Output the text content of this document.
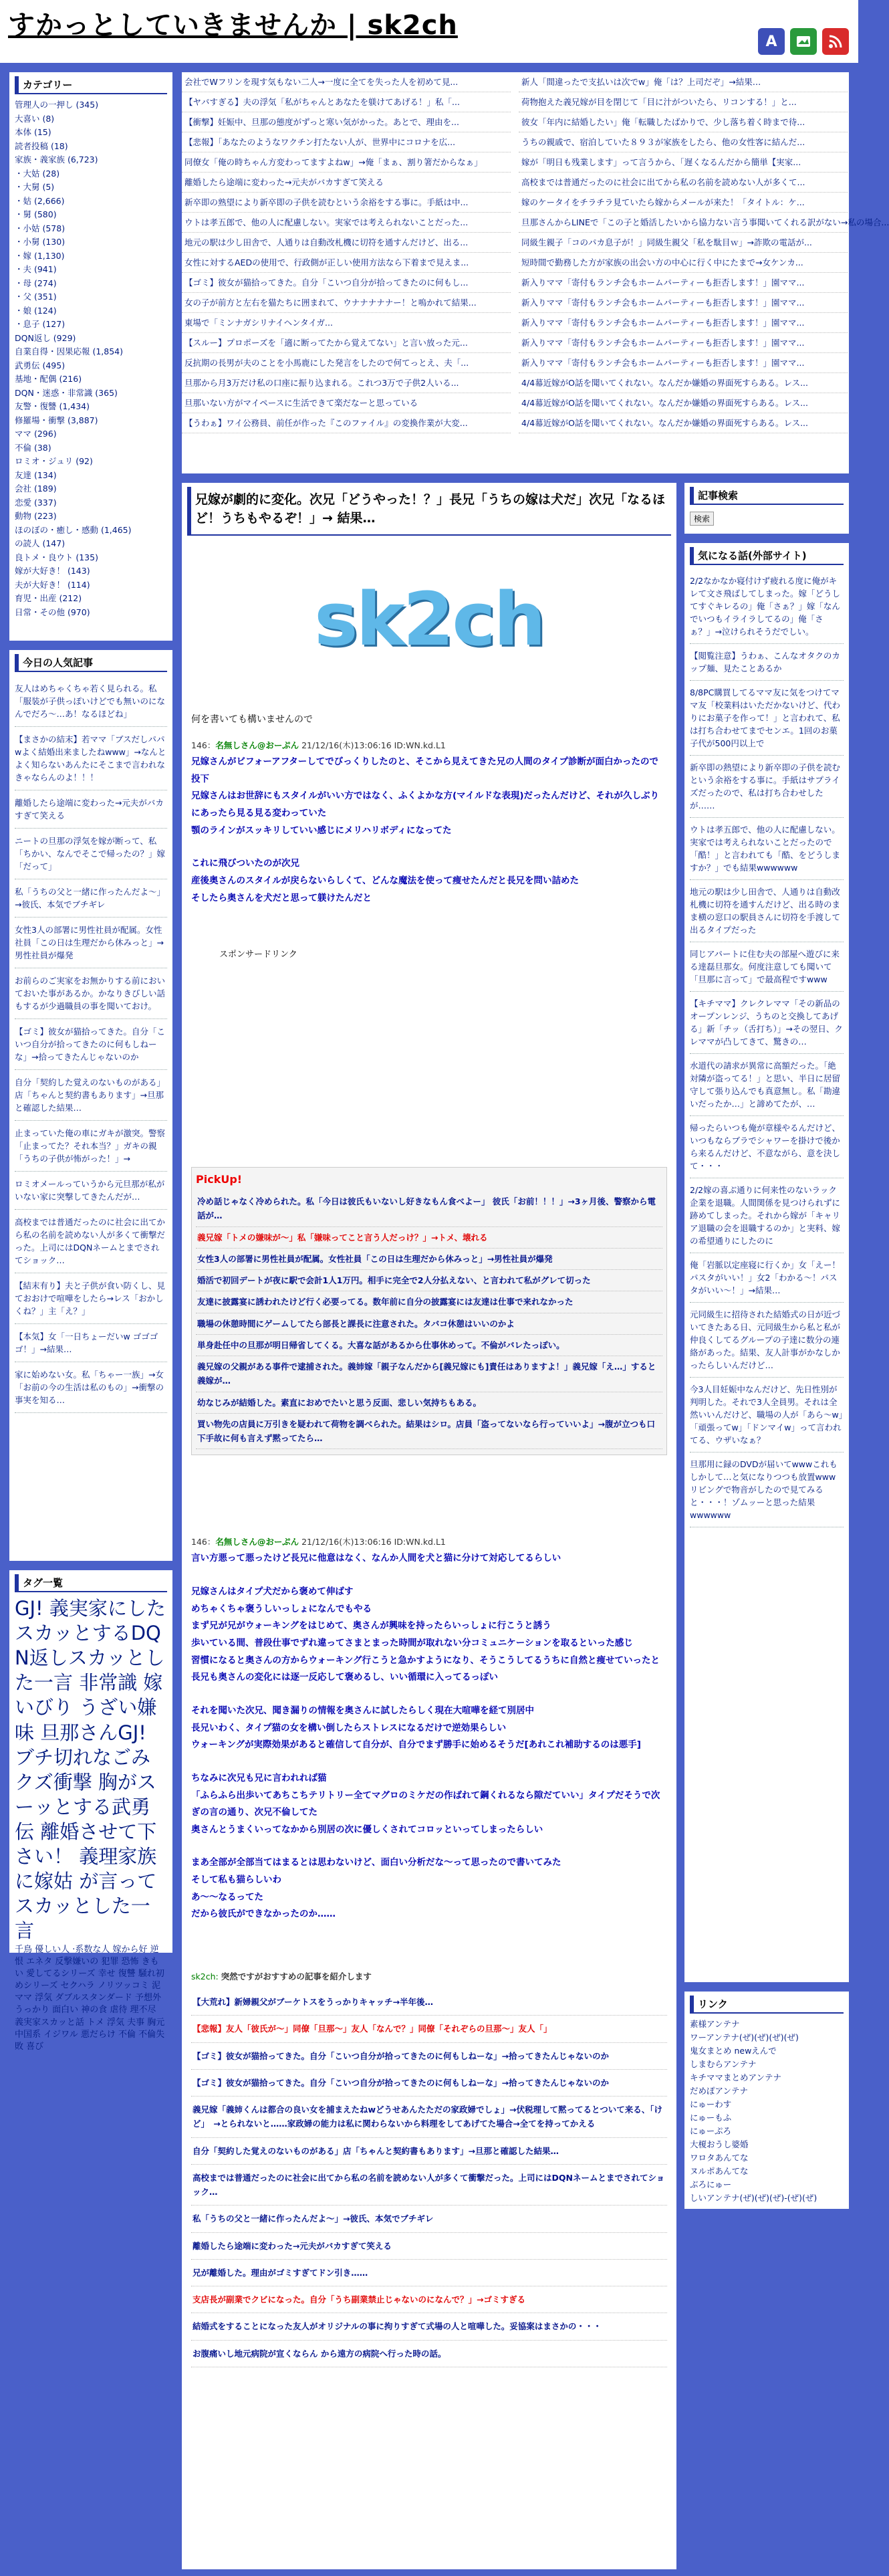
すかっとしていきませんか | sk2ch
A
カテゴリー
管理人の一押し (345)
大喜い (8)
本体 (15)
読者投稿 (18)
家族・義家族 (6,723)
・大姑 (28)
・大舅 (5)
・姑 (2,666)
・舅 (580)
・小姑 (578)
・小舅 (130)
・嫁 (1,130)
・夫 (941)
・母 (274)
・父 (351)
・娘 (124)
・息子 (127)
DQN返し (929)
自業自得・因果応報 (1,854)
武勇伝 (495)
基地・配偶 (216)
DQN・迷惑・非常識 (365)
友警・復讐 (1,434)
修羅場・衝撃 (3,887)
ママ (296)
不倫 (38)
ロミオ・ジュリ (92)
友達 (134)
会社 (189)
恋愛 (337)
動物 (223)
ほのぼの・癒し・感動 (1,465)
の読人 (147)
良トメ・良ウト (135)
嫁が大好き！ (143)
夫が大好き！ (114)
育児・出産 (212)
日常・その他 (970)
今日の人気記事
友人はめちゃくちゃ若く見られる。私「服装が子供っぽいけどでも無いのになんでだろ〜…あ！なるほどね」
【まさかの結末】若ママ「ブスだしパパwよく結婚出来ましたねwww」→なんとよく知らないあんたにそこまで言われなきゃならんのよ！！！
離婚したら途端に変わった→元夫がバカすぎて笑える
ニートの旦那の浮気を嫁が断って、私「ちかい、なんでそこで帰ったの？」嫁「だって」
私「うちの父と一緒に作ったんだよ〜」→彼氏、本気でブチギレ
女性3人の部署に男性社員が配属。女性社員「この日は生理だから休みっと」→男性社員が爆発
お前らのご実家をお無かりする前においておいた事があるか。かなりきびしい話もするが少過職員の事を聞いておけ。
【ゴミ】彼女が猫拾ってきた。自分「こいつ自分が拾ってきたのに何もしねーな」→拾ってきたんじゃないのか
自分「契約した覚えのないものがある」店「ちゃんと契約書もあります」→旦那と確認した結果…
止まっていた俺の車にガキが激突。警察「止まってた？それ本当？」ガキの親「うちの子供が怖がった！」→
ロミオメールっていうから元旦那が私がいない家に突撃してきたんだが…
高校までは普通だったのに社会に出てから私の名前を読めない人が多くて衝撃だった。上司にはDQNネームとまでされてショック…
【結末有り】夫と子供が食い防くし、見ておおけで喧嘩をしたら→レス「おかしくね？」主「え？」
【本気】女「一日ちょーだいw ゴゴゴゴ！」→結果…
家に始めない女。私「ちゃー一族」→女「お前の今の生活は私のもの」→衝撃の事実を知る…
タグ一覧
GJ! 義実家にしたスカッとするDQN返しスカッとした一言 非常識 嫁いびり うざい嫌味 旦那さんGJ! ブチ切れなごみクズ衝撃 胸がスーッとする武勇伝 離婚させて下さい！ 義理家族に嫁姑 が言ってスカッとした一言
千鳥 優しい人 ·系数な人 嫁から好 逆恨 エネタ 反撃嫌いの 犯罪 恐怖 きもい 愛してるシリーズ 幸せ 復讐 騒れ初めシリーズ セクハラ ノリツッコミ 泥ママ 浮気 ダブルスタンダード 予想外 うっかり 面白い 神の食 虐待 理不尽 義実家スカッと話 トメ 浮気 夫事 胸元 中国系 イジワル 悪だらけ 不倫 不倫失敗 喜び
会社でWフリンを現す気もない二人→一度に全てを失った人を初めて見...
【ヤバすぎる】夫の浮気「私がちゃんとあなたを躾けてあげる！」私「...
【衝撃】妊娠中、旦那の態度がずっと寒い気がかった。あとで、理由を...
【悲報】「あなたのようなワクチン打たない人が、世界中にコロナを広...
同僚女「俺の時ちゃん方変わってますよねw」→俺「まぁ、割り箸だからなぁ」
離婚したら途端に変わった→元夫がバカすぎて笑える
新卒即の熟望により新卒即の子供を読むという余裕をする事に。手紙は中...
ウトは孝五郎で、他の人に配慮しない。実家では考えられないことだった...
地元の駅は少し田舎で、人通りは自動改札機に切符を通すんだけど、出る...
女性に対するAEDの使用で、行政側が正しい使用方法なら下着まで見えま...
【ゴミ】彼女が猫拾ってきた。自分「こいつ自分が拾ってきたのに何もし...
女の子が前方と左右を猫たちに囲まれて、ウナナナナナー！と嗚かれて結果...
東場で「ミンナガシリナイヘンタイガ...
【スルー】プロポーズを「適に断ってたから覚えてない」と言い放った元...
反抗期の長男が夫のことを小馬鹿にした発言をしたので何てっとえ、夫「...
旦那から月3万だけ私の口座に振り込まれる。これつ3万で子供2人いる...
旦那いない方がマイペースに生活できて楽だなーと思っている
【うわぁ】ワイ公務員、前任が作った『このファイル』の変換作業が大変...
新人「間違ったで支払いは次でw」俺「は？上司だぞ」→結果…
荷物抱えた義兄嫁が目を閉じて「目に汁がついたら、リコンする！」と...
彼女「年内に結婚したい」俺「転職したばかりで、少し落ち着く時まで待...
うちの親戚で、宿泊していた８９３が家族をしたら、他の女性客に結んだ...
嫁が「明日も残業します」って言うから、「遅くなるんだから簡単【実家...
高校までは普通だったのに社会に出てから私の名前を読めない人が多くて...
嫁のケータイをチラチラ見ていたら嫁からメールが来た！「タイトル：ケ...
旦那さんからLINEで「この子と婚活したいから協力ない言う事聞いてくれる訳がない→私の場合...
同級生親子「コのパカ息子が！」同級生親父「私を駄目ｗ」→詐欺の電話が...
短時間で勤務した方が家族の出会い方の中心に行く中にたまで→女ケンカ...
新入りママ「寄付もランチ会もホームパーティーも拒否します！」園ママ...
新入りママ「寄付もランチ会もホームパーティーも拒否します！」園ママ...
新入りママ「寄付もランチ会もホームパーティーも拒否します！」園ママ...
新入りママ「寄付もランチ会もホームパーティーも拒否します！」園ママ...
新入りママ「寄付もランチ会もホームパーティーも拒否します！」園ママ...
4/4幕近嫁がO話を聞いてくれない。なんだか嫌婚の界面死すらある。レス...
4/4幕近嫁がO話を聞いてくれない。なんだか嫌婚の界面死すらある。レス...
4/4幕近嫁がO話を聞いてくれない。なんだか嫌婚の界面死すらある。レス...
兄嫁が劇的に変化。次兄「どうやった！？」長兄「うちの嫁は犬だ」次兄「なるほど！うちもやるぞ！」→ 結果…
sk2ch
何を書いても構いませんので
146：名無しさん@おーぷん 21/12/16(木)13:06:16 ID:WN.kd.L1
兄嫁さんがビフォーアフターしてでびっくりしたのと、そこから見えてきた兄の人間のタイプ診断が面白かったので投下
兄嫁さんはお世辞にもスタイルがいい方ではなく、ふくよかな方(マイルドな表現)だったんだけど、それが久しぶりにあったら見る見る変わっていた
顎のラインがスッキリしていい感じにメリハリボディになってた
これに飛びついたのが次兄
産後奥さんのスタイルが戻らないらしくて、どんな魔法を使って痩せたんだと長兄を問い詰めた
そしたら奥さんを犬だと思って躾けたんだと
スポンサードリンク
PickUp!
冷め話じゃなく冷められた。私「今日は彼氏もいないし好きなもん食べよー」 彼氏「お前！！！」→3ヶ月後、警察から電話が…
義兄嫁「トメの嫌味が〜」私「嫌味ってこと言う人だっけ？」→トメ、壊れる
女性3人の部署に男性社員が配属。女性社員「この日は生理だから休みっと」→男性社員が爆発
婚活で初回デートが夜に駅で会計1人1万円。相手に完全で2人分払えない、と言われて私がグレて切った
友達に披露宴に誘われたけど行く必要ってる。数年前に自分の披露宴には友達は仕事で来れなかった
職場の休憩時間にゲームしてたら部長と課長に注意された。タバコ休憩はいいのかよ
単身赴任中の旦那が明日帰省してくる。大喜な話があるから仕事休めって。不倫がバレたっぽい。
義兄嫁の父親がある事件で逮捕された。義姉嫁「親子なんだから[義兄嫁にも]責任はありますよ！」義兄嫁「え…」すると義嫁が…
幼なじみが結婚した。素直におめでたいと思う反面、悲しい気持ちもある。
買い物先の店員に万引きを疑われて荷物を調べられた。結果はシロ。店員「盗ってないなら行っていいよ」→腹が立つも口下手故に何も言えず黙ってたら…
146：名無しさん@おーぷん 21/12/16(木)13:06:16 ID:WN.kd.L1
言い方悪って悪ったけど長兄に他意はなく、なんか人間を犬と猫に分けて対応してるらしい
兄嫁さんはタイプ犬だから褒めて伸ばす
めちゃくちゃ褒うしいっしょになんでもやる
まず兄が兄がウォーキングをはじめて、奥さんが興味を持ったらいっしょに行こうと誘う
歩いている間、普段仕事でずれ違ってさまとまった時間が取れない分コミュニケーションを取るといった感じ
習慣になると奥さんの方からウォーキング行こうと急かすようになり、そうこうしてるうちに自然と痩せていったと
長兄も奥さんの変化には逐一反応して褒めるし、いい循環に入ってるっぽい
それを聞いた次兄、聞き漏りの情報を奥さんに試したらしく現在大喧嘩を経て別居中
長兄いわく、タイプ猫の女を構い倒したらストレスになるだけで逆効果らしい
ウォーキングが実際効果があると確信して自分が、自分でまず勝手に始めるそうだ[あれこれ補助するのは悪手]
ちなみに次兄も兄に言われれば猫
「ふらふら出歩いてあちこちテリトリー全てマグロのミケだの作ばれて鋼くれるなら隙だていい」タイプだそうで次ぎの言の通り、次兄不倫してた
奥さんとうまくいってなかから別居の次に優しくされてコロッといってしまったらしい
まあ全部が全部当てはまるとは思わないけど、面白い分析だな〜って思ったので書いてみた
そして私も猫らしいわ
あ〜〜なるってた
だから彼氏ができなかったのか……
sk2ch: 突然ですがおすすめの記事を紹介します
【大荒れ】新婦親父がブーケトスをうっかりキャッチ→半年後…
【悲報】友人「彼氏が〜」同僚「旦那〜」友人「なんで？」同僚「それぞらの旦那〜」友人「」
【ゴミ】彼女が猫拾ってきた。自分「こいつ自分が拾ってきたのに何もしねーな」→拾ってきたんじゃないのか
【ゴミ】彼女が猫拾ってきた。自分「こいつ自分が拾ってきたのに何もしねーな」→拾ってきたんじゃないのか
義兄嫁「義姉くんは都合の良い女を捕まえたねwどうせあんたただの家政婦でしょ」→伏税理して黙ってるとついて来る、「けど」　→とられないと……家政婦の能力は私に関わらないから料理をしてあげてた場合→全てを持ってかえる
自分「契約した覚えのないものがある」店「ちゃんと契約書もあります」→旦那と確認した結果…
高校までは普通だったのに社会に出てから私の名前を読めない人が多くて衝撃だった。上司にはDQNネームとまでされてショック…
私「うちの父と一緒に作ったんだよ〜」→彼氏、本気でブチギレ
離婚したら途端に変わった→元夫がバカすぎて笑える
兄が離婚した。理由がゴミすぎてドン引き……
支店長が副業でクビになった。自分「うち副業禁止じゃないのになんで？」→ゴミすぎる
結婚式をすることになった友人がオリジナルの事に拘りすぎて式場の人と喧嘩した。妥協案はまさかの・・・
お腹痛いし地元病院が宣くならん から遠方の病院へ行った時の話。
記事検索
検索
気になる話(外部サイト)
2/2なかなか寝付けず疲れる度に俺がキレて文さ飛ばしてしまった。嫁「どうしてすぐキレるの」俺「さぁ？」嫁「なんでいつもイライラしてるの」俺「さぁ？」→泣けられそうだでしい。
【閲覧注意】うわぁ、こんなオタクのカップ麺、見たことあるか
8/8PC購買してるママ友に気をつけてママ友「校業料はいただかないけど、代わりにお菓子を作って！」と言われて、私は打ち合わせてまでセンエ。1回のお菓子代が500円以上で
新卒即の熱望により新卒即の子供を読むという余裕をする事に。手紙はサプライズだったので、私は打ち合わせしたが……
ウトは孝五郎で、他の人に配慮しない。実家では考えられないことだったので「酷！」と言われても「酷、をどうしますか？」でも結果wwwwww
地元の駅は少し田舎で、人通りは自動改札機に切符を通すんだけど、出る時のまま横の窓口の駅員さんに切符を手渡して出るタイプだった
同じアパートに住む夫の部屋へ遊びに来る達磊旦那女。何度注意しても聞いて「旦那に言って」で最高程ですwww
【キチママ】クレクレママ「その新品のオープンレンジ、うちのと交換してあげる」新「チッ（舌打ち）」→その翌日、クレママが凸してきて、驚きの…
水道代の請求が異常に高額だった。「絶対隣が盗ってる！」と思い、半日に居留守して張り込んでも真意無し。私「勘違いだったか…」と諦めてたが、…
帰ったらいつも俺が章様やるんだけど、いつもならブラでシャワーを掛けで後から来るんだけど、不意ながら、意を決して・・・
2/2嫁の喜ぶ通りに何来性のないラック企業を退職。人間関係を見つけられずに跡めてしまった。それから嫁が「キャリア退職の会を退職するのか」と実料、嫁の希望通りにしたのに
俺「岩脈以定座寝に行くか」女「えー！パスタがいい！」女2「わかる〜！パスタがいい〜！」→結果…
元同級生に招待された結婚式の日が近づいてきたある日、元同級生から私と私が仲良くしてるグループの子達に数分の連絡があった。結果、友人計事がかなしかったらしいんだけど…
今3人目妊娠中なんだけど、先日性別が判明した。それで3人全員男。それは全然いいんだけど、職場の人が「あら〜w」「頑張ってw」「ドンマイw」って言われてる、ウザいなぁ？
旦那用に録のDVDが届いてwwwこれもしかして…と気になりつつも放置wwwリビングで物音がしたので見てみると・・・！ゾムッーと思った結果wwwwww
リンク
素様アンテナ
ワーアンテナ(ぜ)(ぜ)(ぜ)(ぜ)
鬼女まとめ newえんで
しまむらアンテナ
キチママまとめアンテナ
だめぽアンテナ
にゅーわす
にゅーもふ
にゅーぷろ
大榎おうし婆婚
ワロタあんてな
ヌルポあんてな
ぶろにゅー
しいアンテナ(ぜ)(ぜ)(ぜ)-(ぜ)(ぜ)
